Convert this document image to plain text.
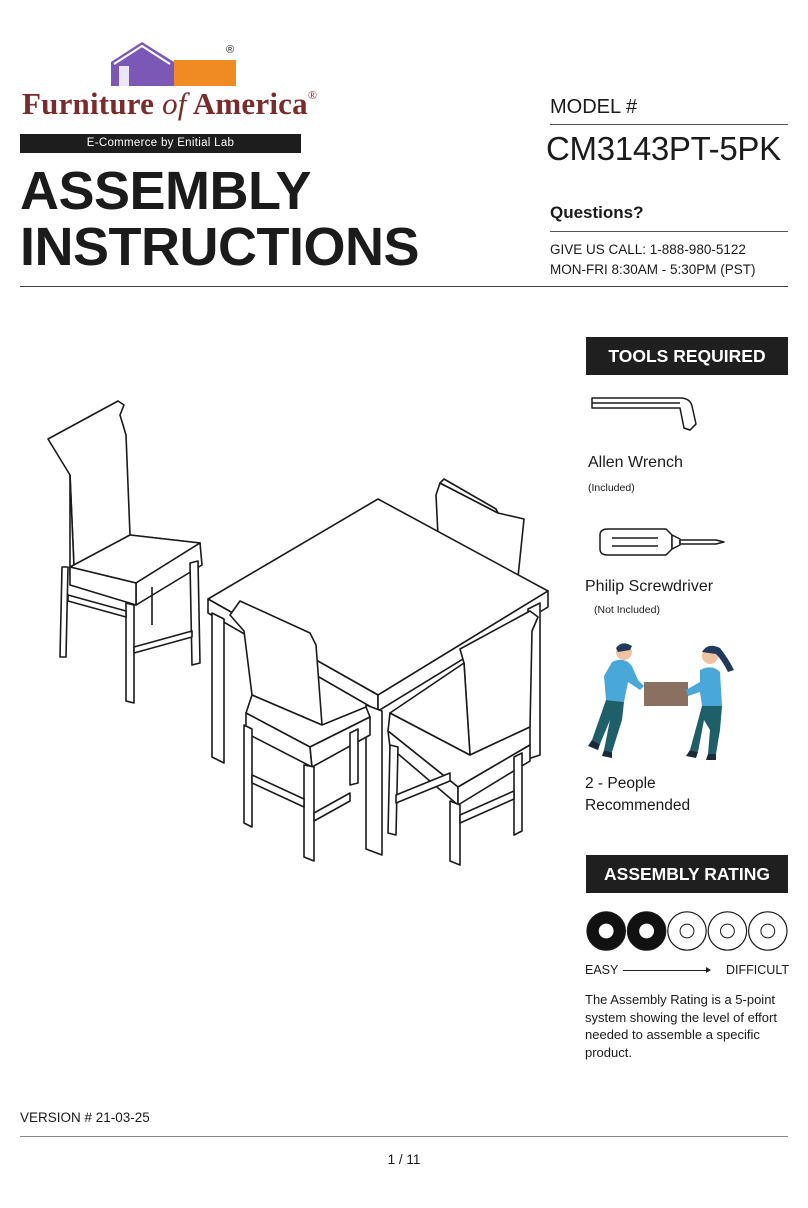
®
Furniture of America®
E-Commerce by Enitial Lab
ASSEMBLY
INSTRUCTIONS
MODEL #
CM3143PT-5PK
Questions?
GIVE US CALL: 1-888-980-5122
MON-FRI 8:30AM - 5:30PM (PST)
TOOLS REQUIRED
Allen Wrench
(Included)
Philip Screwdriver
(Not Included)
2 - People
Recommended
ASSEMBLY RATING
EASY	DIFFICULT
The Assembly Rating is a 5-point system showing the level of effort needed to assemble a specific product.
VERSION # 21-03-25
1 / 11
